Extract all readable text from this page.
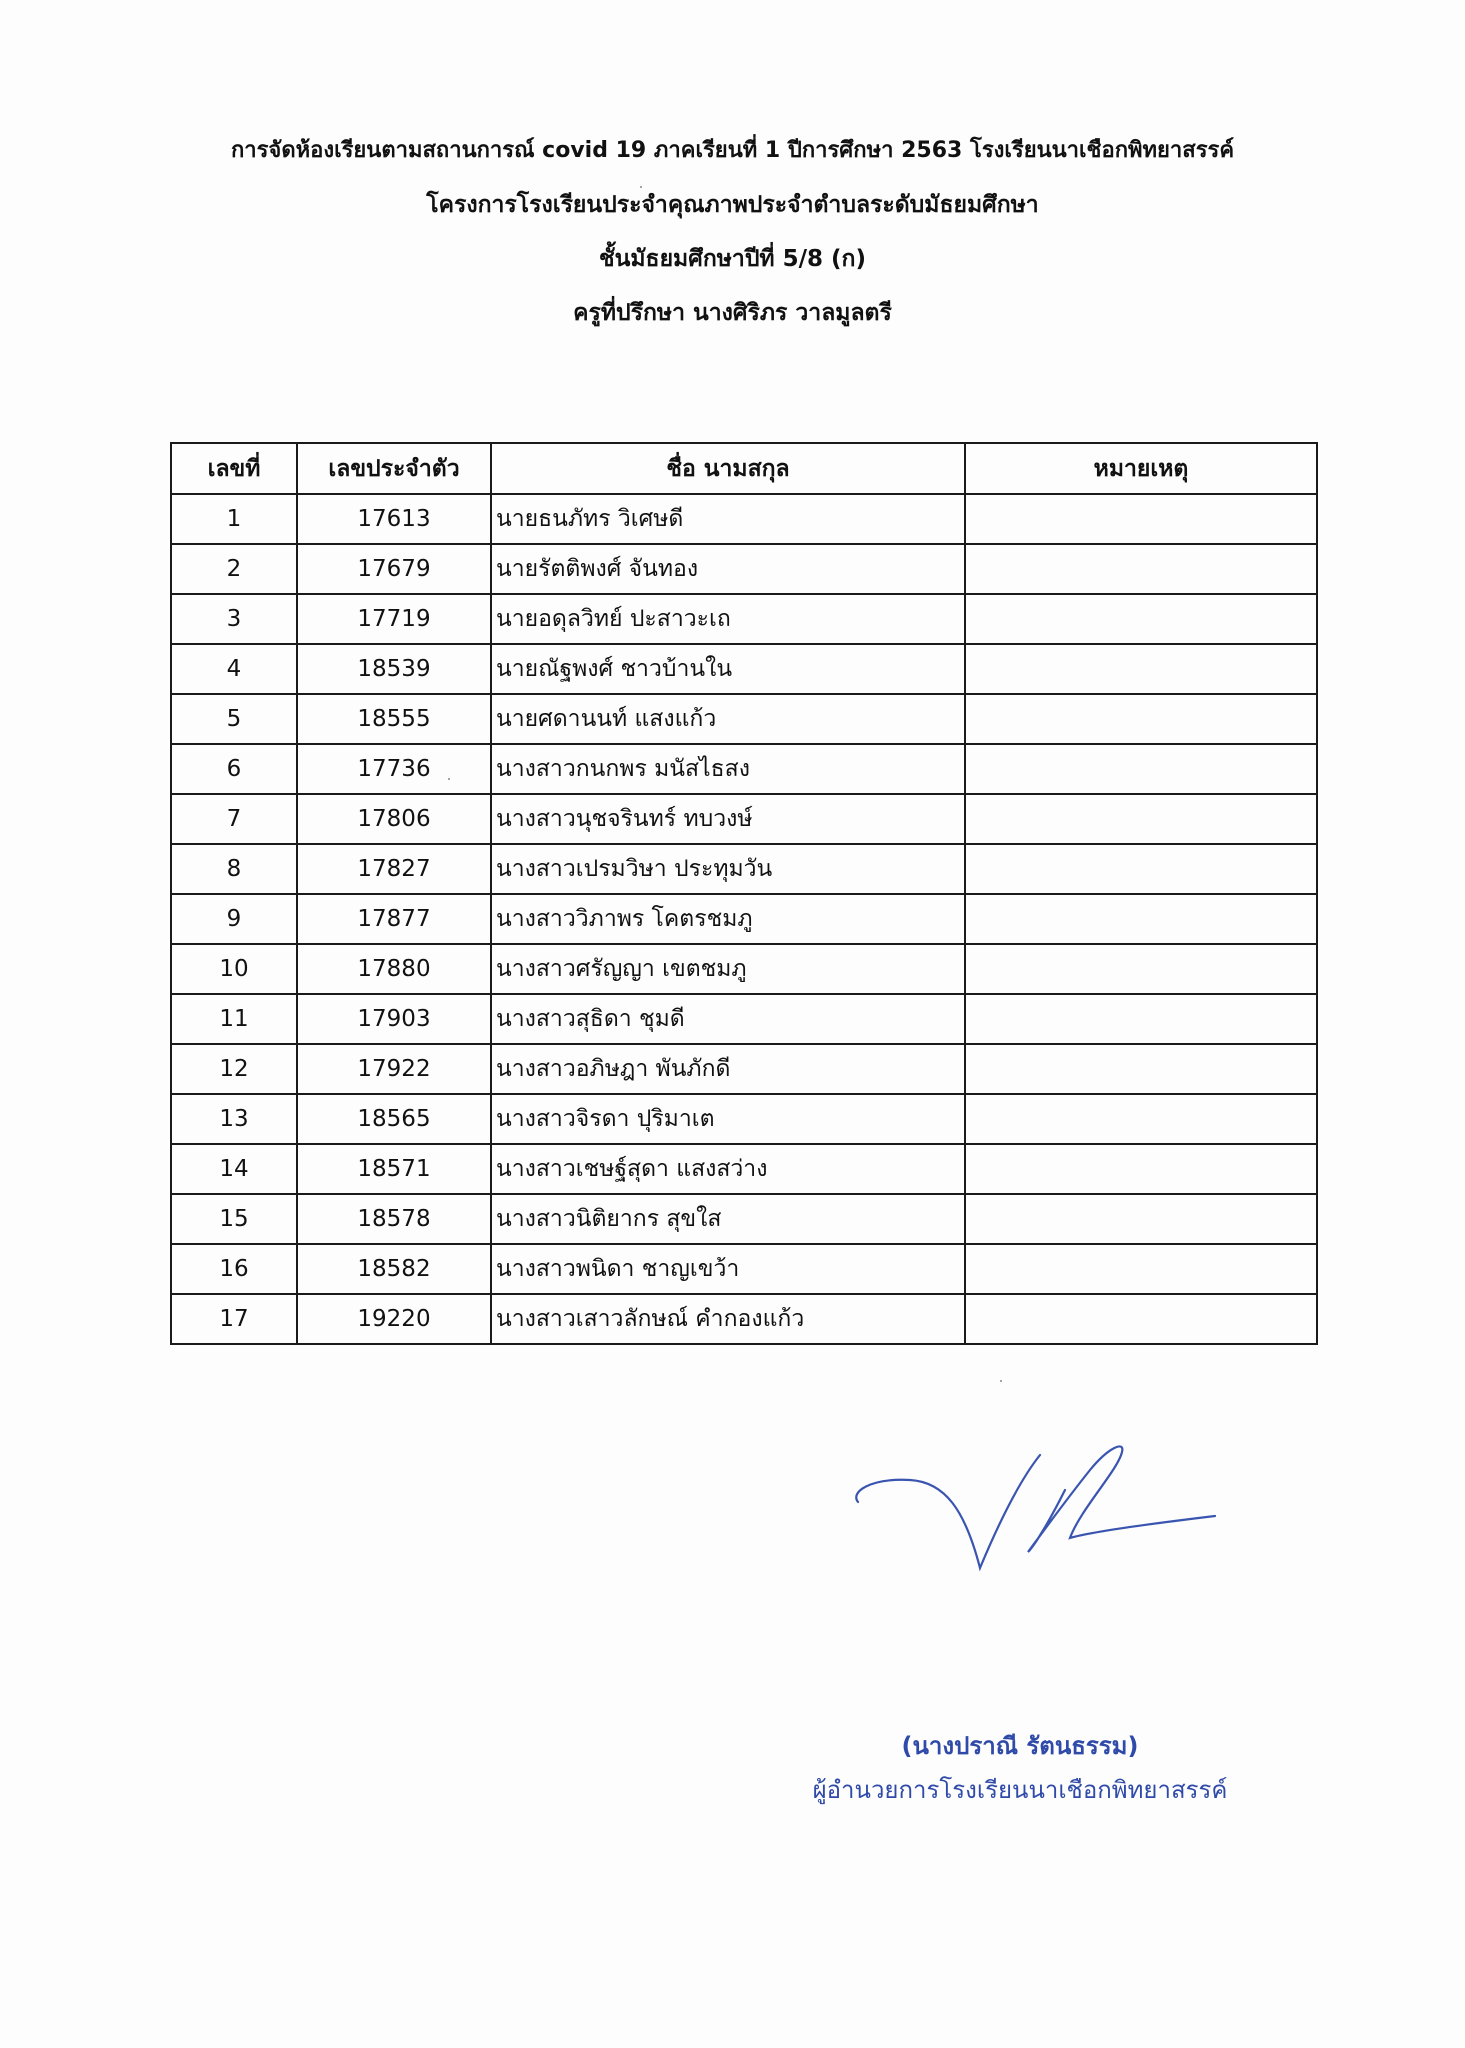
การจัดห้องเรียนตามสถานการณ์ covid 19 ภาคเรียนที่ 1 ปีการศึกษา 2563 โรงเรียนนาเชือกพิทยาสรรค์
โครงการโรงเรียนประจำคุณภาพประจำตำบลระดับมัธยมศึกษา
ชั้นมัธยมศึกษาปีที่ 5/8 (ก)
ครูที่ปรึกษา นางศิริภร วาลมูลตรี
เลขที่	เลขประจำตัว	ชื่อ นามสกุล	หมายเหตุ
1	17613	นายธนภัทร วิเศษดี	
2	17679	นายรัตติพงศ์ จันทอง	
3	17719	นายอดุลวิทย์ ปะสาวะเถ	
4	18539	นายณัฐพงศ์ ชาวบ้านใน	
5	18555	นายศดานนท์ แสงแก้ว	
6	17736	นางสาวกนกพร มนัสไธสง	
7	17806	นางสาวนุชจรินทร์ ทบวงษ์	
8	17827	นางสาวเปรมวิษา ประทุมวัน	
9	17877	นางสาววิภาพร โคตรชมภู	
10	17880	นางสาวศรัญญา เขตชมภู	
11	17903	นางสาวสุธิดา ชุมดี	
12	17922	นางสาวอภิษฎา พันภักดี	
13	18565	นางสาวจิรดา ปุริมาเต	
14	18571	นางสาวเชษฐ์สุดา แสงสว่าง	
15	18578	นางสาวนิติยากร สุขใส	
16	18582	นางสาวพนิดา ชาญเขว้า	
17	19220	นางสาวเสาวลักษณ์ คำกองแก้ว	
(นางปราณี รัตนธรรม)
ผู้อำนวยการโรงเรียนนาเชือกพิทยาสรรค์
